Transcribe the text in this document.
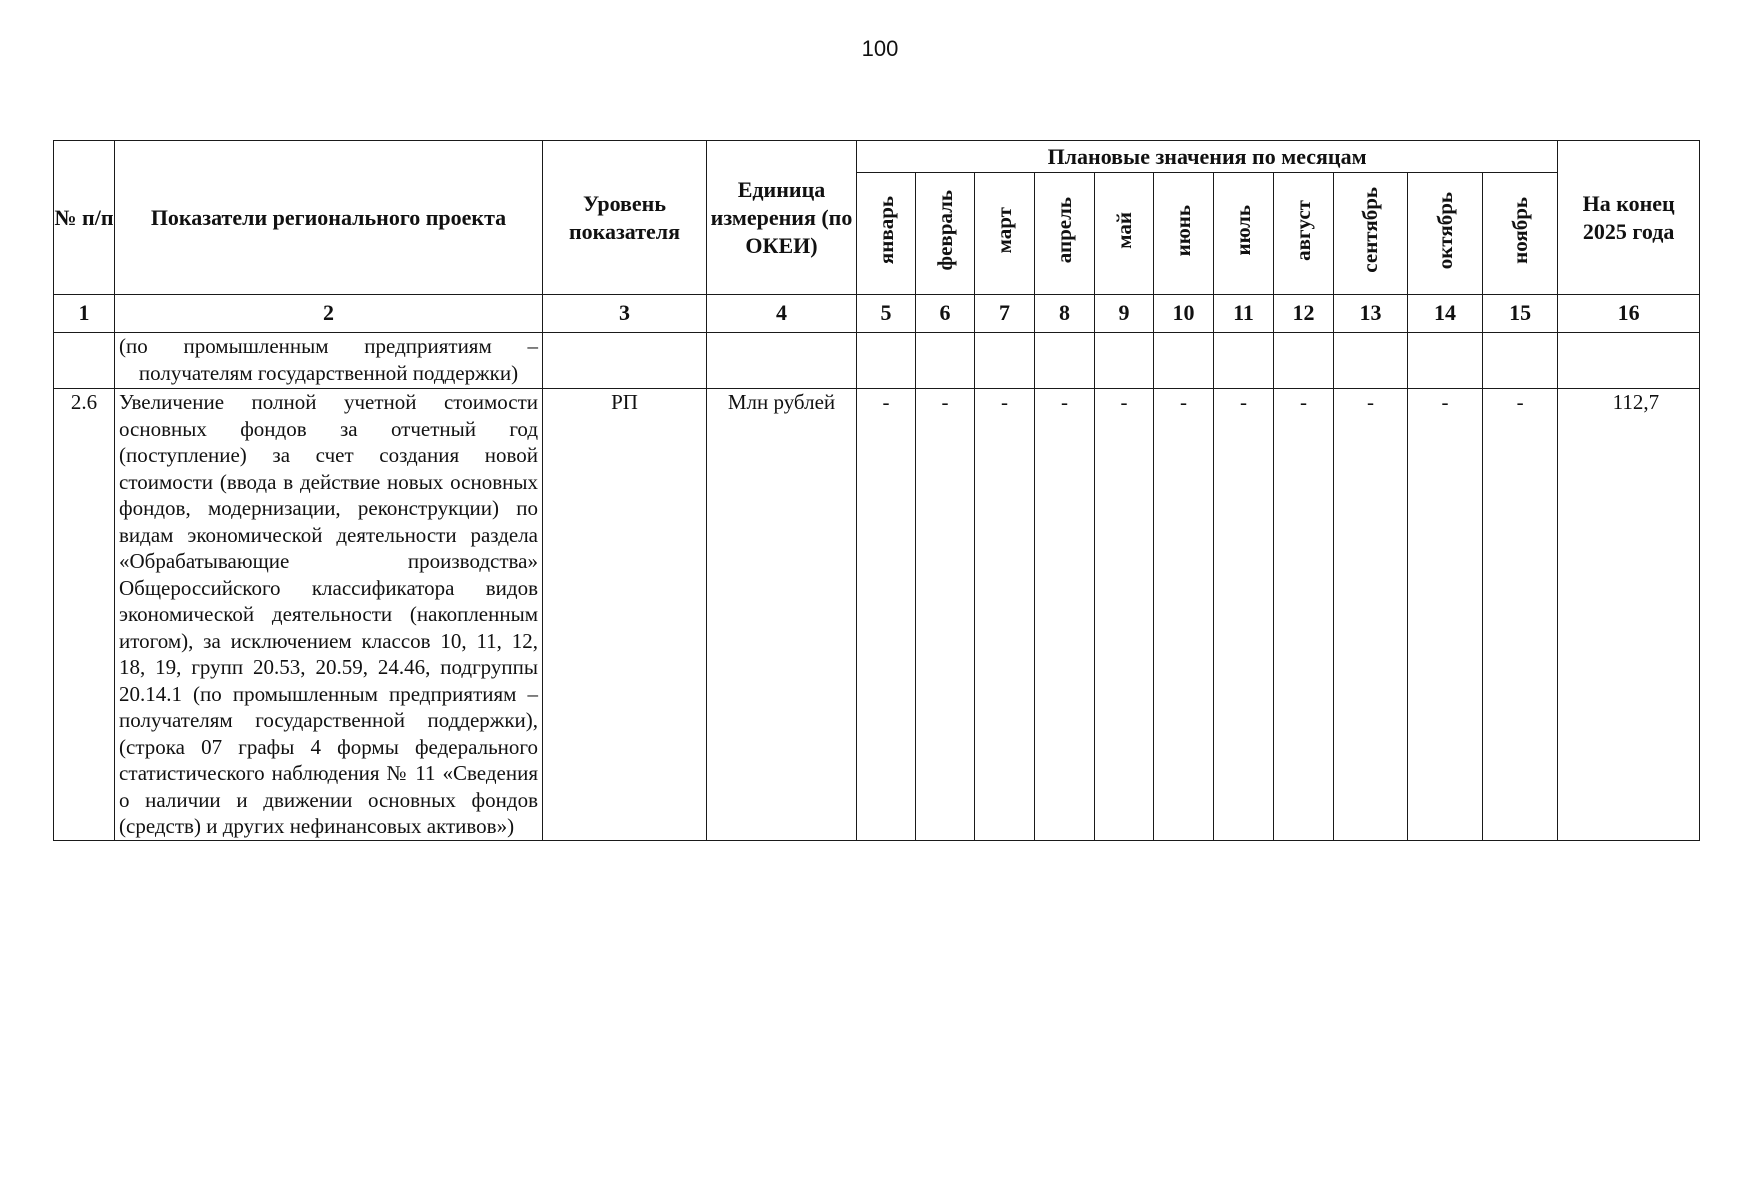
100
№ п/п	Показатели регионального проекта	Уровень показателя	Единица измерения (по ОКЕИ)	Плановые значения по месяцам											На конец 2025 года
				январь	февраль	март	апрель	май	июнь	июль	август	сентябрь	октябрь	ноябрь	
1	2	3	4	5	6	7	8	9	10	11	12	13	14	15	16
	(по промышленным предприятиям – получателям государственной поддержки)														
2.6	Увеличение полной учетной стоимости основных фондов за отчетный год (поступление) за счет создания новой стоимости (ввода в действие новых основных фондов, модернизации, реконструкции) по видам экономической деятельности раздела «Обрабатывающие производства» Общероссийского классификатора видов экономической деятельности (накопленным итогом), за исключением классов 10, 11, 12, 18, 19, групп 20.53, 20.59, 24.46, подгруппы 20.14.1 (по промышленным предприятиям – получателям государственной поддержки), (строка 07 графы 4 формы федерального статистического наблюдения № 11 «Сведения о наличии и движении основных фондов (средств) и других нефинансовых активов»)	РП	Млн рублей	-	-	-	-	-	-	-	-	-	-	-	112,7
